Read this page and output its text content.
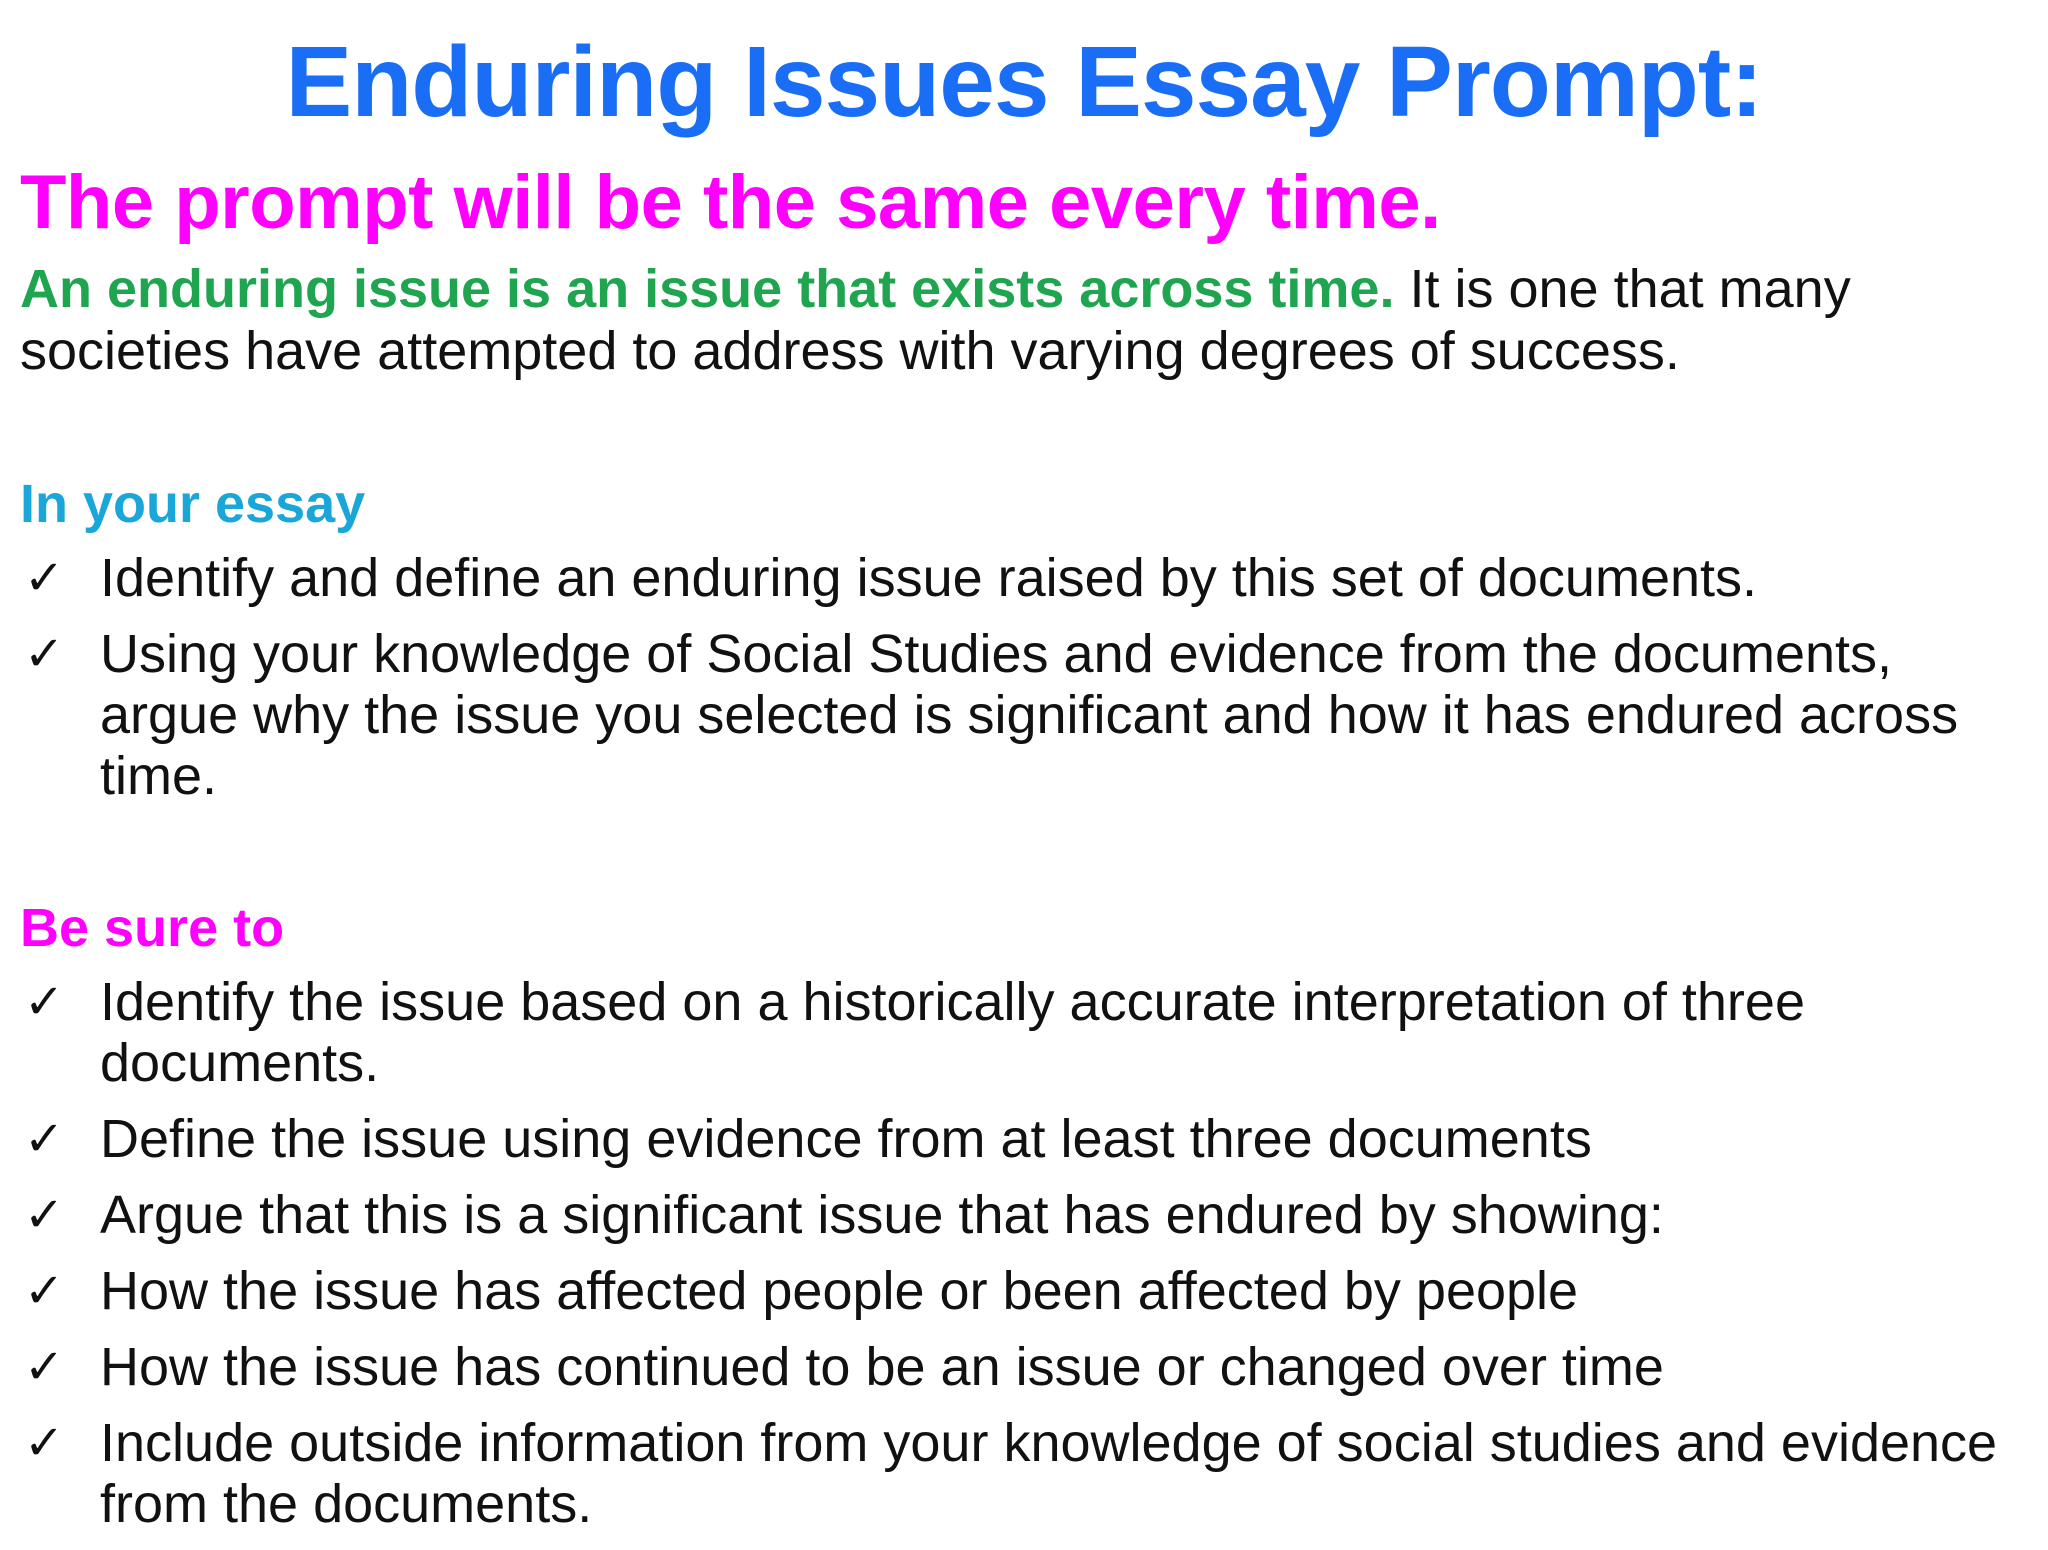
Enduring Issues Essay Prompt:
The prompt will be the same every time.

An enduring issue is an issue that exists across time. It is one that many societies have attempted to address with varying degrees of success.

In your essay
✓ Identify and define an enduring issue raised by this set of documents.
✓ Using your knowledge of Social Studies and evidence from the documents, argue why the issue you selected is significant and how it has endured across time.
Be sure to
✓ Identify the issue based on a historically accurate interpretation of three documents.
✓ Define the issue using evidence from at least three documents
✓ Argue that this is a significant issue that has endured by showing:
✓ How the issue has affected people or been affected by people
✓ How the issue has continued to be an issue or changed over time
✓ Include outside information from your knowledge of social studies and evidence from the documents.
